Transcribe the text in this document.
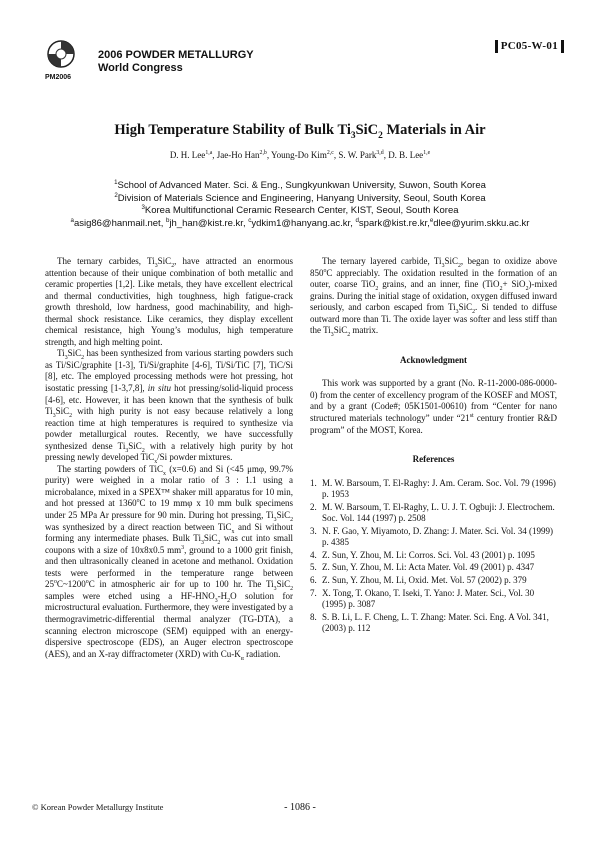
PM2006
2006 POWDER METALLURGY
World Congress
PC05-W-01
High Temperature Stability of Bulk $Ti_3SiC_2$ Materials in Air
D. H. Lee$^{1,a}$, Jae-Ho Han$^{2,b}$, Young-Do Kim$^{2,c}$, S. W. Park$^{3,d}$, D. B. Lee$^{1,e}$
$^1$School of Advanced Mater. Sci. & Eng., Sungkyunkwan University, Suwon, South Korea
$^2$Division of Materials Science and Engineering, Hanyang University, Seoul, South Korea
$^3$Korea Multifunctional Ceramic Research Center, KIST, Seoul, South Korea
$^a$asig86@hanmail.net, $^b$jh_han@kist.re.kr, $^c$ydkim1@hanyang.ac.kr, $^d$spark@kist.re.kr,$^e$dlee@yurim.skku.ac.kr

The ternary carbides, $Ti_3SiC_2$, have attracted an enormous attention because of their unique combination of both metallic and ceramic properties [1,2]. Like metals, they have excellent electrical and thermal conductivities, high toughness, high fatigue-crack growth threshold, low hardness, good machinability, and high-thermal shock resistance. Like ceramics, they display excellent chemical resistance, high Young’s modulus, high temperature strength, and high melting point.

$Ti_3SiC_2$ has been synthesized from various starting powders such as Ti/SiC/graphite [1-3], Ti/Si/graphite [4-6], Ti/Si/TiC [7], TiC/Si [8], etc. The employed processing methods were hot pressing, hot isostatic pressing [1-3,7,8], in situ hot pressing/solid-liquid process [4-6], etc. However, it has been known that the synthesis of bulk $Ti_3SiC_2$ with high purity is not easy because relatively a long reaction time at high temperatures is required to synthesize via powder metallurgical routes. Recently, we have successfully synthesized dense $Ti_3SiC_2$ with a relatively high purity by hot pressing newly developed TiC$_x$/Si powder mixtures.

The starting powders of TiC$_x$ (x=0.6) and Si (<45 μmφ, 99.7% purity) were weighed in a molar ratio of 3 : 1.1 using a microbalance, mixed in a SPEX™ shaker mill apparatus for 10 min, and hot pressed at 1360$^o$C to 19 mmφ x 10 mm bulk specimens under 25 MPa Ar pressure for 90 min. During hot pressing, $Ti_3SiC_2$ was synthesized by a direct reaction between TiC$_x$ and Si without forming any intermediate phases. Bulk $Ti_3SiC_2$ was cut into small coupons with a size of 10x8x0.5 $mm^3$, ground to a 1000 grit finish, and then ultrasonically cleaned in acetone and methanol. Oxidation tests were performed in the temperature range between 25$^o$C~1200$^o$C in atmospheric air for up to 100 hr. The $Ti_3SiC_2$ samples were etched using a $HF-HNO_3-H_2O$ solution for microstructural evaluation. Furthermore, they were investigated by a thermogravimetric-differential thermal analyzer (TG-DTA), a scanning electron microscope (SEM) equipped with an energy-dispersive spectroscope (EDS), an Auger electron spectroscope (AES), and an X-ray diffractometer (XRD) with $Cu-K_\alpha$ radiation.

The ternary layered carbide, $Ti_3SiC_2$, began to oxidize above 850$^o$C appreciably. The oxidation resulted in the formation of an outer, coarse TiO$_2$ grains, and an inner, fine (TiO$_2$+ SiO$_2$)-mixed grains. During the initial stage of oxidation, oxygen diffused inward seriously, and carbon escaped from $Ti_3SiC_2$. Si tended to diffuse outward more than Ti. The oxide layer was softer and less stiff than the $Ti_3SiC_2$ matrix.

Acknowledgment

This work was supported by a grant (No. R-11-2000-086-0000-0) from the center of excellency program of the KOSEF and MOST, and by a grant (Code#; 05K1501-00610) from “Center for nano structured materials technology” under “21st century frontier R&D program” of the MOST, Korea.

References
1. M. W. Barsoum, T. El-Raghy: J. Am. Ceram. Soc. Vol. 79 (1996) p. 1953
2. M. W. Barsoum, T. El-Raghy, L. U. J. T. Ogbuji: J. Electrochem. Soc. Vol. 144 (1997) p. 2508
3. N. F. Gao, Y. Miyamoto, D. Zhang: J. Mater. Sci. Vol. 34 (1999) p. 4385
4. Z. Sun, Y. Zhou, M. Li: Corros. Sci. Vol. 43 (2001) p. 1095
5. Z. Sun, Y. Zhou, M. Li: Acta Mater. Vol. 49 (2001) p. 4347
6. Z. Sun, Y. Zhou, M. Li, Oxid. Met. Vol. 57 (2002) p. 379
7. X. Tong, T. Okano, T. Iseki, T. Yano: J. Mater. Sci., Vol. 30 (1995) p. 3087
8. S. B. Li, L. F. Cheng, L. T. Zhang: Mater. Sci. Eng. A Vol. 341, (2003) p. 112
© Korean Powder Metallurgy Institute	- 1086 -
